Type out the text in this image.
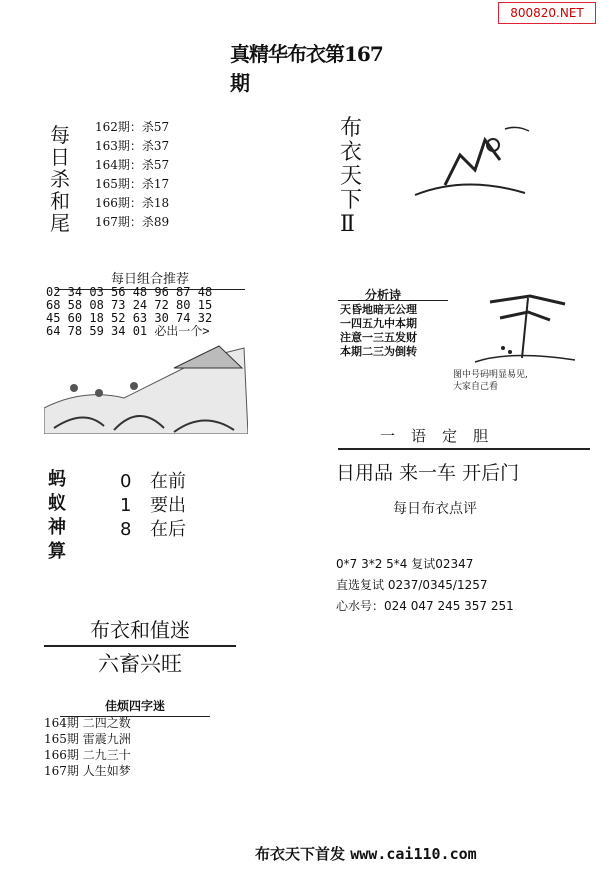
800820.NET
真精华布衣第167期
每日杀和尾
162期：杀57
163期：杀37
164期：杀57
165期：杀17
166期：杀18
167期：杀89
布衣天下Ⅱ
每日组合推荐
02 34 03 56 48 96 87 48
68 58 08 73 24 72 80 15
45 60 18 52 63 30 74 32
64 78 59 34 01 必出一个>
分析诗
天昏地暗无公理
一四五九中本期
注意一三五发财
本期二三为倒转
图中号码明显易见,
大家自己看
蚂蚁神算
0 在前
1 要出
8 在后
一语定胆
日用品 来一车 开后门
每日布衣点评
0*7 3*2 5*4 复试02347
直选复试 0237/0345/1257
心水号：024 047 245 357 251
布衣和值迷
六畜兴旺
佳烦四字迷
164期 二四之数
165期 雷震九洲
166期 二九三十
167期 人生如梦
布衣天下首发 www.cai110.com
